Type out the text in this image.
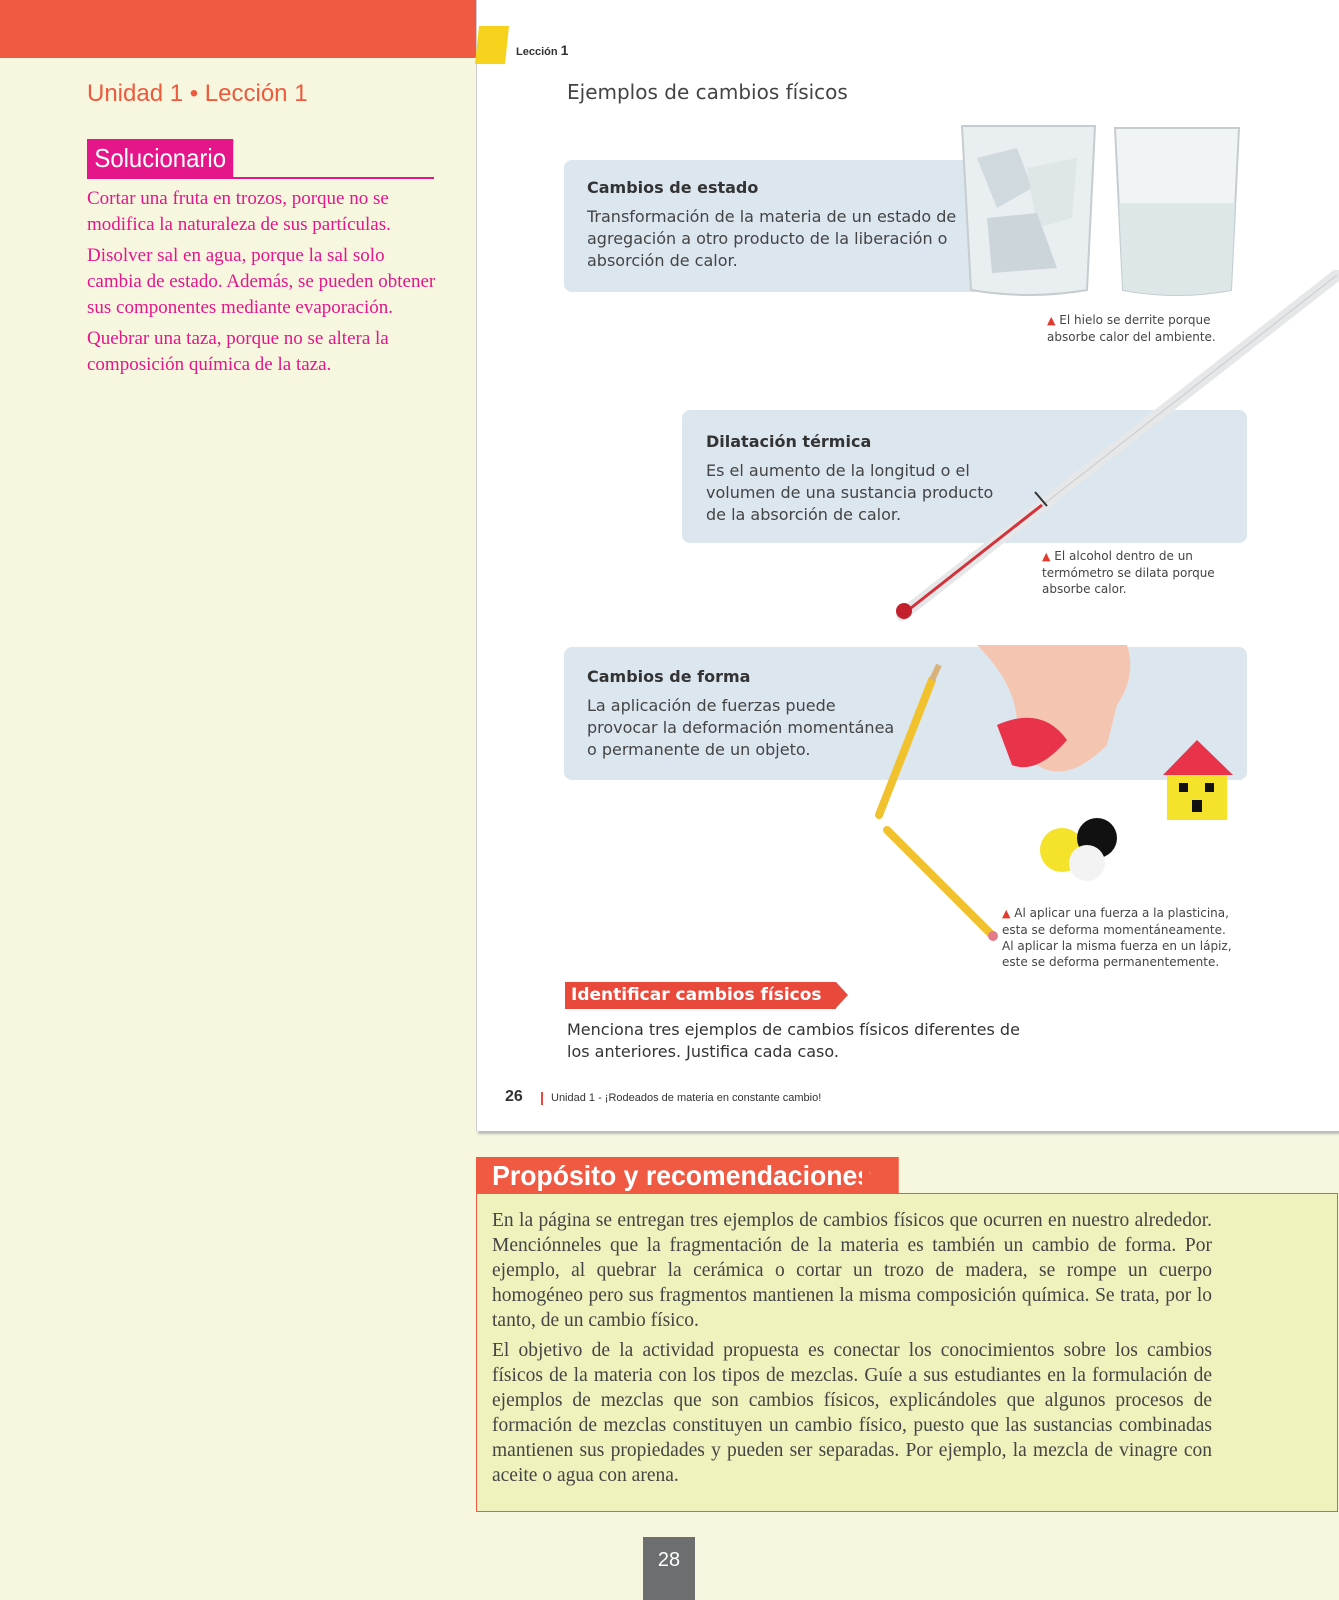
Unidad 1 • Lección 1
Solucionario

Cortar una fruta en trozos, porque no se modifica la naturaleza de sus partículas.

Disolver sal en agua, porque la sal solo cambia de estado. Además, se pueden obtener sus componentes mediante evaporación.

Quebrar una taza, porque no se altera la composición química de la taza.

Lección 1
Ejemplos de cambios físicos
Cambios de estado
Transformación de la materia de un estado de agregación a otro producto de la liberación o absorción de calor.
▲ El hielo se derrite porque absorbe calor del ambiente.
Dilatación térmica
Es el aumento de la longitud o el volumen de una sustancia producto de la absorción de calor.
▲ El alcohol dentro de un termómetro se dilata porque absorbe calor.
Cambios de forma
La aplicación de fuerzas puede provocar la deformación momentánea o permanente de un objeto.
▲ Al aplicar una fuerza a la plasticina, esta se deforma momentáneamente. Al aplicar la misma fuerza en un lápiz, este se deforma permanentemente.
Identificar cambios físicos
Menciona tres ejemplos de cambios físicos diferentes de los anteriores. Justifica cada caso.
26	Unidad 1 - ¡Rodeados de materia en constante cambio!
Propósito y recomendaciones

En la página se entregan tres ejemplos de cambios físicos que ocurren en nuestro alrededor. Menciónneles que la fragmentación de la materia es también un cambio de forma. Por ejemplo, al quebrar la cerámica o cortar un trozo de madera, se rompe un cuerpo homogéneo pero sus fragmentos mantienen la misma composición química. Se trata, por lo tanto, de un cambio físico.

El objetivo de la actividad propuesta es conectar los conocimientos sobre los cambios físicos de la materia con los tipos de mezclas. Guíe a sus estudiantes en la formulación de ejemplos de mezclas que son cambios físicos, explicándoles que algunos procesos de formación de mezclas constituyen un cambio físico, puesto que las sustancias combinadas mantienen sus propiedades y pueden ser separadas. Por ejemplo, la mezcla de vinagre con aceite o agua con arena.

28
